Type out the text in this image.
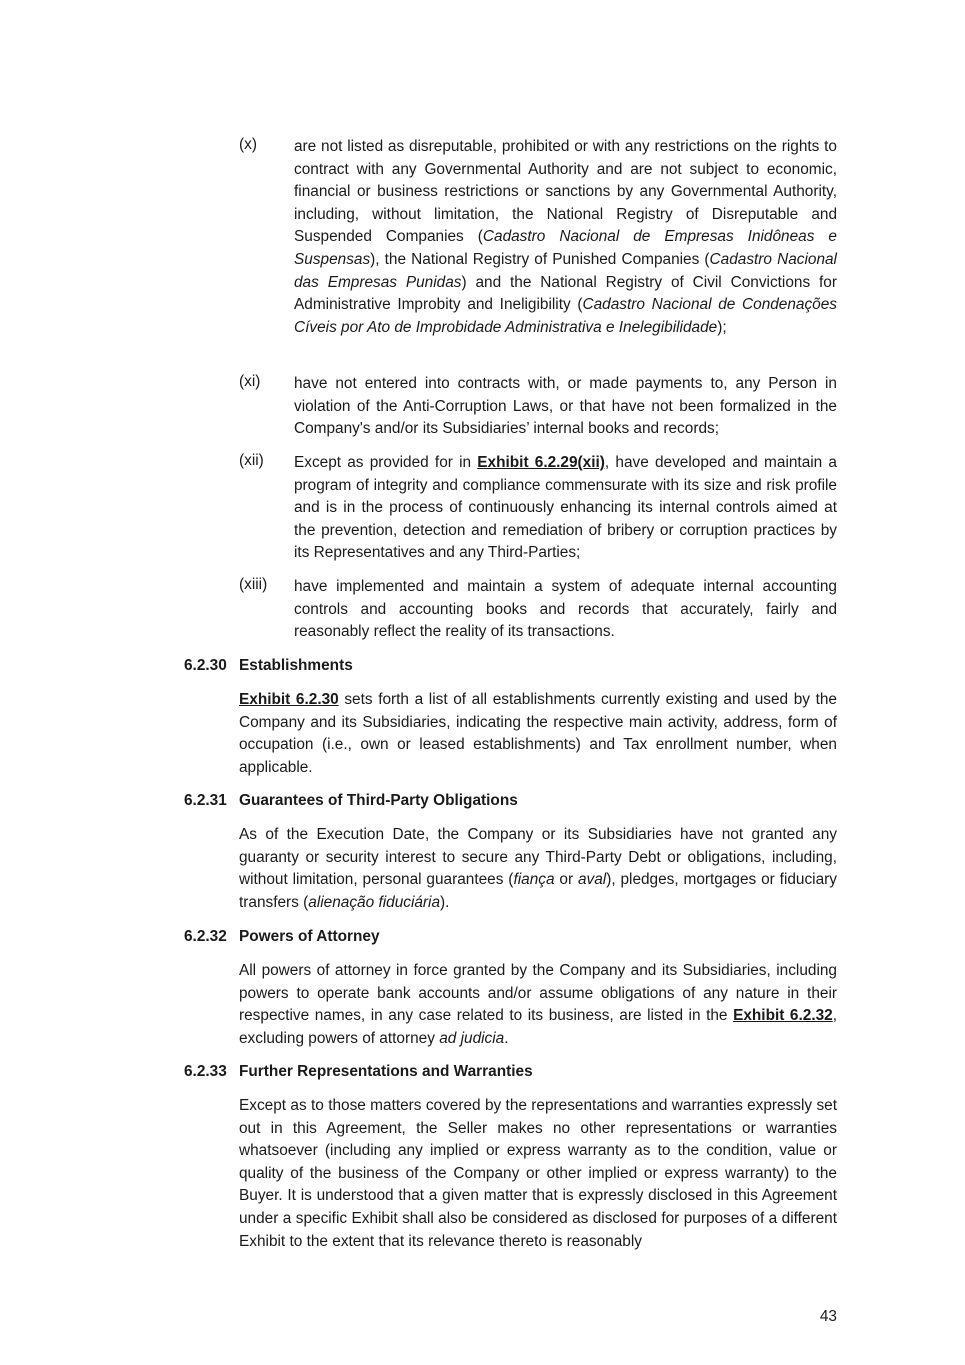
(x) are not listed as disreputable, prohibited or with any restrictions on the rights to contract with any Governmental Authority and are not subject to economic, financial or business restrictions or sanctions by any Governmental Authority, including, without limitation, the National Registry of Disreputable and Suspended Companies (Cadastro Nacional de Empresas Inidôneas e Suspensas), the National Registry of Punished Companies (Cadastro Nacional das Empresas Punidas) and the National Registry of Civil Convictions for Administrative Improbity and Ineligibility (Cadastro Nacional de Condenações Cíveis por Ato de Improbidade Administrativa e Inelegibilidade);
(xi) have not entered into contracts with, or made payments to, any Person in violation of the Anti-Corruption Laws, or that have not been formalized in the Company's and/or its Subsidiaries’ internal books and records;
(xii) Except as provided for in Exhibit 6.2.29(xii), have developed and maintain a program of integrity and compliance commensurate with its size and risk profile and is in the process of continuously enhancing its internal controls aimed at the prevention, detection and remediation of bribery or corruption practices by its Representatives and any Third-Parties;
(xiii) have implemented and maintain a system of adequate internal accounting controls and accounting books and records that accurately, fairly and reasonably reflect the reality of its transactions.
6.2.30 Establishments
Exhibit 6.2.30 sets forth a list of all establishments currently existing and used by the Company and its Subsidiaries, indicating the respective main activity, address, form of occupation (i.e., own or leased establishments) and Tax enrollment number, when applicable.
6.2.31 Guarantees of Third-Party Obligations
As of the Execution Date, the Company or its Subsidiaries have not granted any guaranty or security interest to secure any Third-Party Debt or obligations, including, without limitation, personal guarantees (fiança or aval), pledges, mortgages or fiduciary transfers (alienação fiduciária).
6.2.32 Powers of Attorney
All powers of attorney in force granted by the Company and its Subsidiaries, including powers to operate bank accounts and/or assume obligations of any nature in their respective names, in any case related to its business, are listed in the Exhibit 6.2.32, excluding powers of attorney ad judicia.
6.2.33 Further Representations and Warranties
Except as to those matters covered by the representations and warranties expressly set out in this Agreement, the Seller makes no other representations or warranties whatsoever (including any implied or express warranty as to the condition, value or quality of the business of the Company or other implied or express warranty) to the Buyer. It is understood that a given matter that is expressly disclosed in this Agreement under a specific Exhibit shall also be considered as disclosed for purposes of a different Exhibit to the extent that its relevance thereto is reasonably
43
